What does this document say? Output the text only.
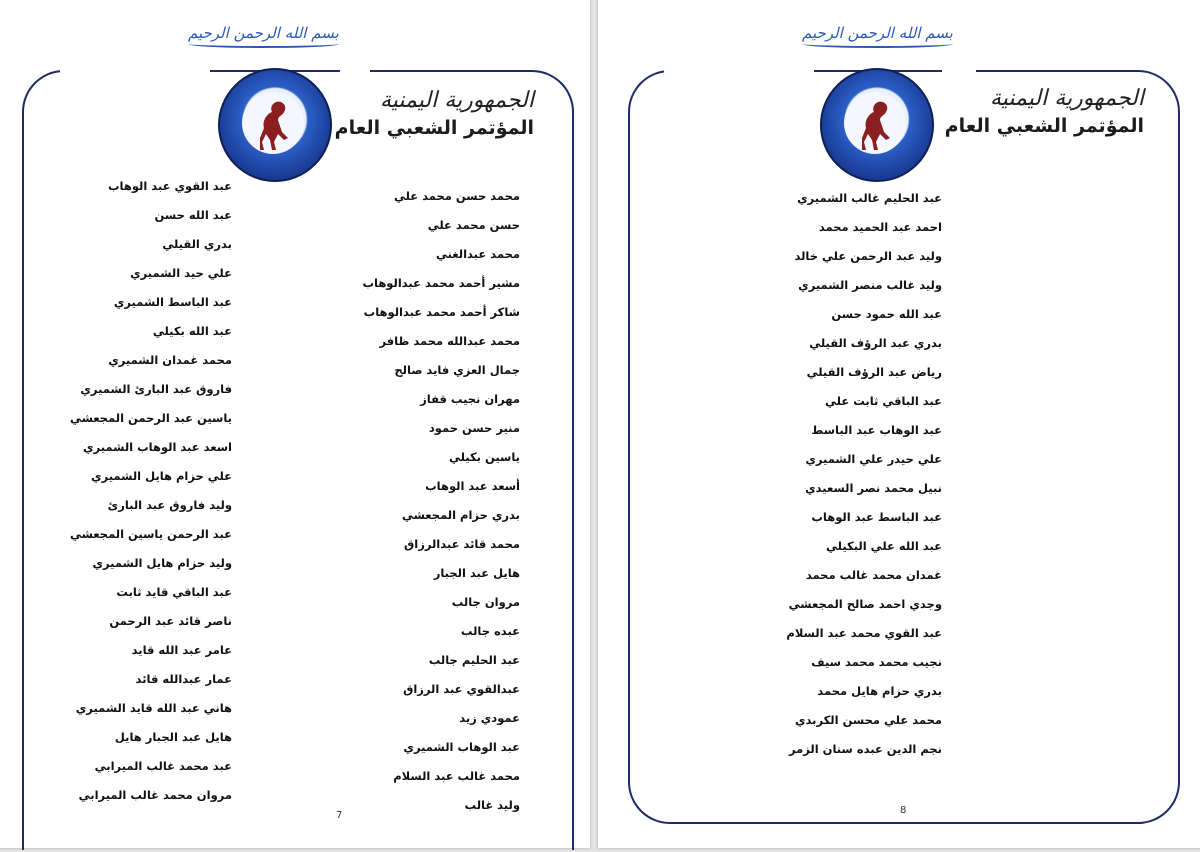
بسم الله الرحمن الرحيم
الجمهورية اليمنية
المؤتمر الشعبي العام
محمد حسن محمد علي
حسن محمد علي
محمد عبدالغني
مشير أحمد محمد عبدالوهاب
شاكر أحمد محمد عبدالوهاب
محمد عبدالله محمد ظافر
جمال العزي فايد صالح
مهران نجيب قفاز
منير حسن حمود
ياسين بكيلي
أسعد عبد الوهاب
بدري حزام المجعشي
محمد قائد عبدالرزاق
هايل عبد الجبار
مروان جالب
عبده جالب
عبد الحليم جالب
عبدالقوي عبد الرزاق
عمودي زيد
عبد الوهاب الشميري
محمد غالب عبد السلام
وليد غالب
عبد القوي عبد الوهاب
عبد الله حسن
بدري القيلي
علي حيد الشميري
عبد الباسط الشميري
عبد الله بكيلي
محمد غمدان الشميري
فاروق عبد البارئ الشميري
ياسين عبد الرحمن المجعشي
اسعد عبد الوهاب الشميري
علي حزام هايل الشميري
وليد فاروق عبد البارئ
عبد الرحمن ياسين المجعشي
وليد حزام هايل الشميري
عبد الباقي قايد ثابت
ناصر قائد عبد الرحمن
عامر عبد الله قايد
عمار عبدالله قائد
هاني عبد الله قايد الشميري
هايل عبد الجبار هايل
عبد محمد غالب الميرابي
مروان محمد غالب الميرابي
7
بسم الله الرحمن الرحيم
الجمهورية اليمنية
المؤتمر الشعبي العام
عبد الحليم غالب الشميري
احمد عبد الحميد محمد
وليد عبد الرحمن علي خالد
وليد غالب منصر الشميري
عبد الله حمود حسن
بدري عبد الرؤف القيلي
رياض عبد الرؤف القيلي
عبد الباقي ثابت علي
عبد الوهاب عبد الباسط
علي حيدر علي الشميري
نبيل محمد نصر السعيدي
عبد الباسط عبد الوهاب
عبد الله علي البكيلي
غمدان محمد غالب محمد
وجدي احمد صالح المجعشي
عبد القوي محمد عبد السلام
نجيب محمد محمد سيف
بدري حزام هايل محمد
محمد علي محسن الكربدي
نجم الدين عبده سنان الزمر
8
